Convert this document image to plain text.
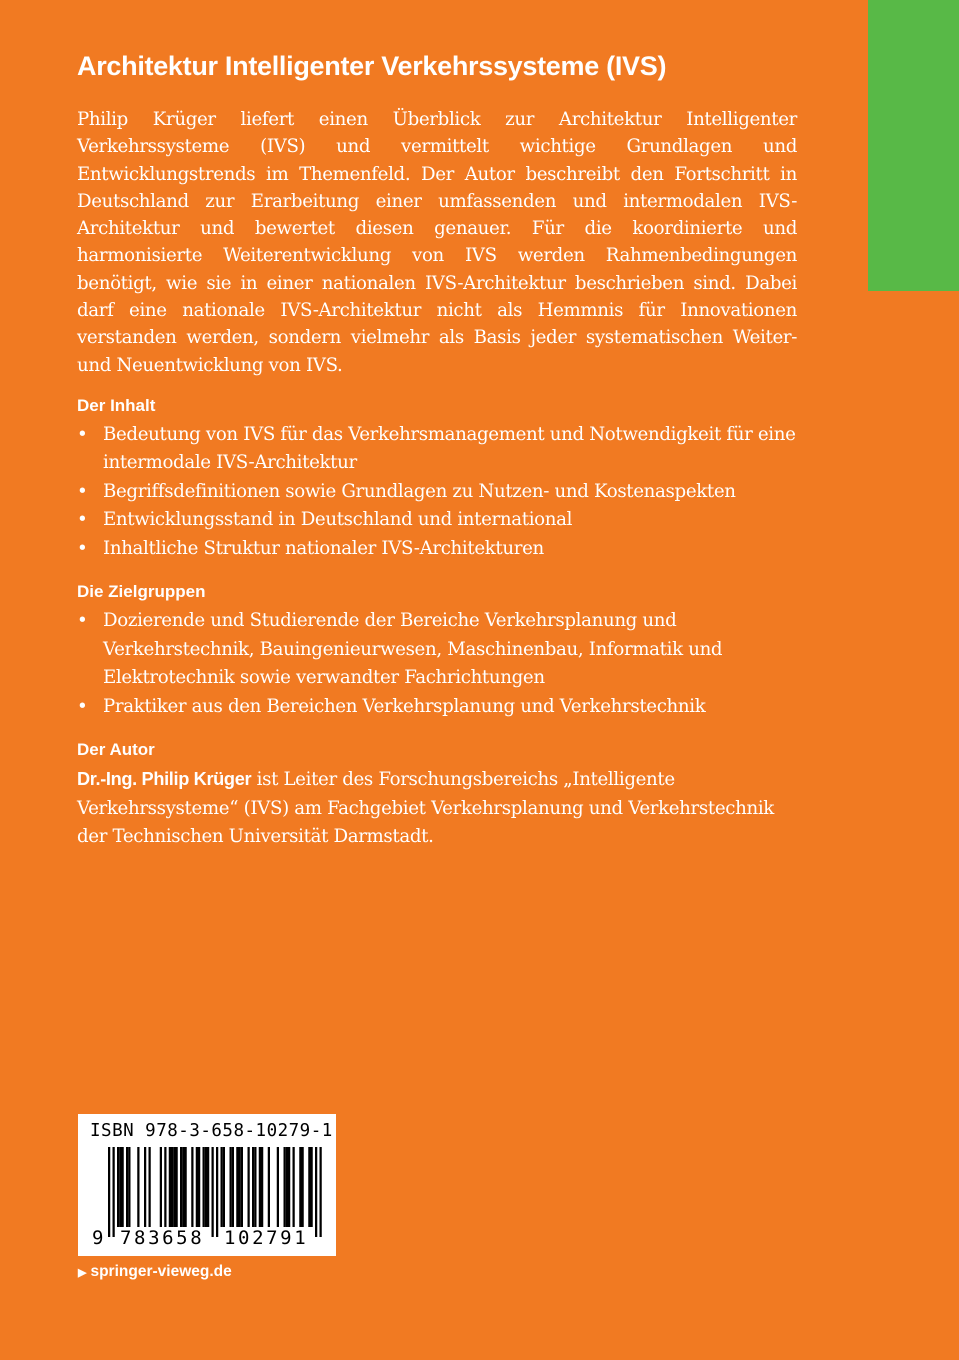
Architektur Intelligenter Verkehrssysteme (IVS)

Philip Krüger liefert einen Überblick zur Architektur Intelligenter Verkehrssysteme (IVS) und vermittelt wichtige Grundlagen und Entwicklungstrends im Themenfeld. Der Autor beschreibt den Fortschritt in Deutschland zur Erarbeitung einer umfassenden und intermodalen IVS-Architektur und bewertet diesen genauer. Für die koordinierte und harmonisierte Weiterentwicklung von IVS werden Rahmenbedingungen benötigt, wie sie in einer nationalen IVS-Architektur beschrieben sind. Dabei darf eine nationale IVS-Architektur nicht als Hemmnis für Innovationen verstanden werden, sondern vielmehr als Basis jeder systematischen Weiter- und Neuentwicklung von IVS.

Der Inhalt
• Bedeutung von IVS für das Verkehrsmanagement und Notwendigkeit für eine intermodale IVS-Architektur
• Begriffsdefinitionen sowie Grundlagen zu Nutzen- und Kostenaspekten
• Entwicklungsstand in Deutschland und international
• Inhaltliche Struktur nationaler IVS-Architekturen
Die Zielgruppen
• Dozierende und Studierende der Bereiche Verkehrsplanung und Verkehrstechnik, Bauingenieurwesen, Maschinenbau, Informatik und Elektrotechnik sowie verwandter Fachrichtungen
• Praktiker aus den Bereichen Verkehrsplanung und Verkehrstechnik
Der Autor

Dr.-Ing. Philip Krüger ist Leiter des Forschungsbereichs „Intelligente Verkehrssysteme“ (IVS) am Fachgebiet Verkehrsplanung und Verkehrstechnik der Technischen Universität Darmstadt.

ISBN 978-3-658-10279-1
9 783658 102791
▶ springer-vieweg.de
